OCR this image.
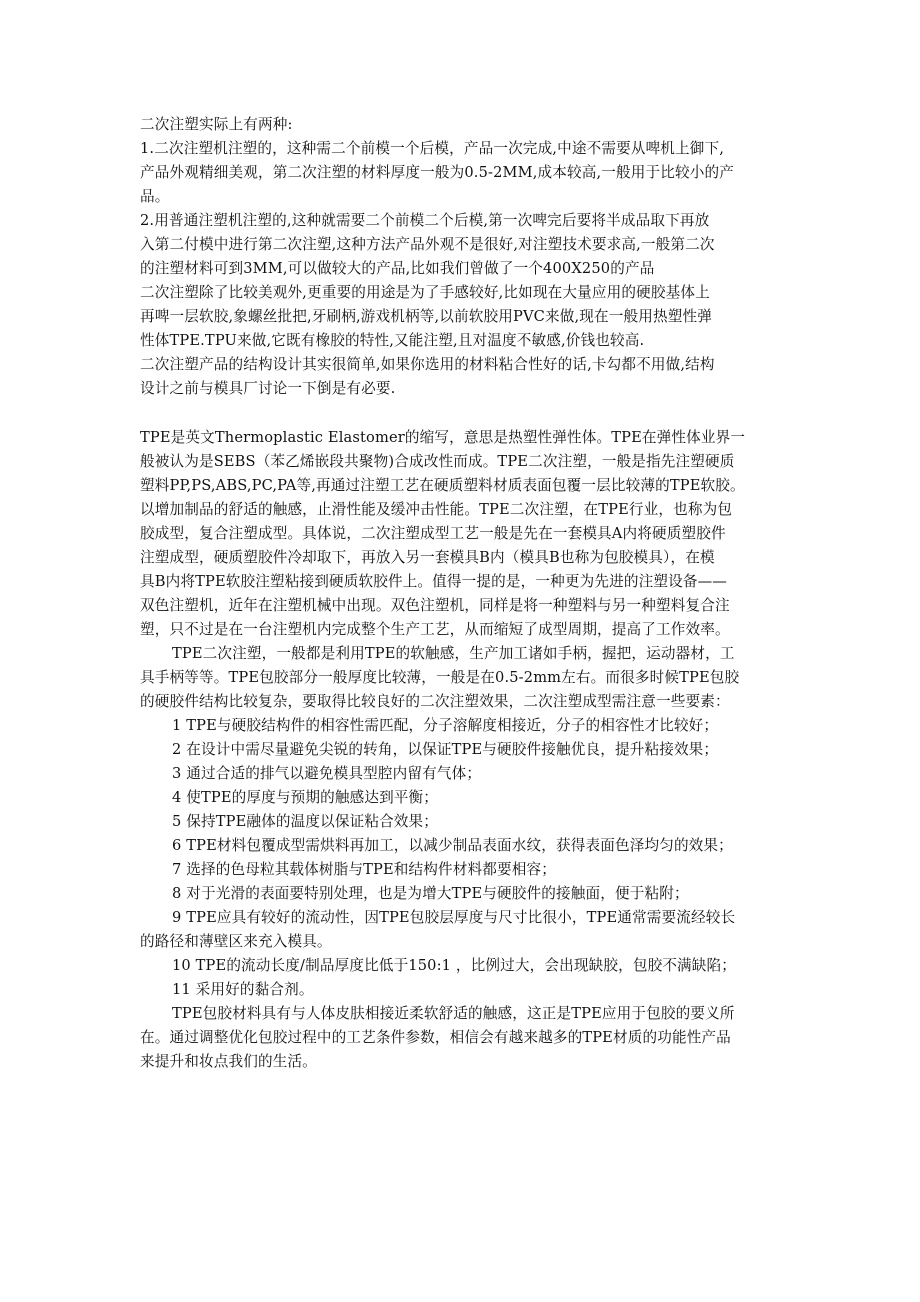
二次注塑实际上有两种:
1.二次注塑机注塑的，这种需二个前模一个后模，产品一次完成,中途不需要从啤机上御下,
产品外观精细美观，第二次注塑的材料厚度一般为0.5-2MM,成本较高,一般用于比较小的产
品。
2.用普通注塑机注塑的,这种就需要二个前模二个后模,第一次啤完后要将半成品取下再放
入第二付模中进行第二次注塑,这种方法产品外观不是很好,对注塑技术要求高,一般第二次
的注塑材料可到3MM,可以做较大的产品,比如我们曾做了一个400X250的产品
二次注塑除了比较美观外,更重要的用途是为了手感较好,比如现在大量应用的硬胶基体上
再啤一层软胶,象螺丝批把,牙刷柄,游戏机柄等,以前软胶用PVC来做,现在一般用热塑性弹
性体TPE.TPU来做,它既有橡胶的特性,又能注塑,且对温度不敏感,价钱也较高.
二次注塑产品的结构设计其实很简单,如果你选用的材料粘合性好的话,卡勾都不用做,结构
设计之前与模具厂讨论一下倒是有必要.
TPE是英文Thermoplastic Elastomer的缩写，意思是热塑性弹性体。TPE在弹性体业界一
般被认为是SEBS（苯乙烯嵌段共聚物)合成改性而成。TPE二次注塑，一般是指先注塑硬质
塑料PP,PS,ABS,PC,PA等,再通过注塑工艺在硬质塑料材质表面包覆一层比较薄的TPE软胶。
以增加制品的舒适的触感，止滑性能及缓冲击性能。TPE二次注塑，在TPE行业，也称为包
胶成型，复合注塑成型。具体说，二次注塑成型工艺一般是先在一套模具A内将硬质塑胶件
注塑成型，硬质塑胶件冷却取下，再放入另一套模具B内（模具B也称为包胶模具），在模
具B内将TPE软胶注塑粘接到硬质软胶件上。值得一提的是，一种更为先进的注塑设备——
双色注塑机，近年在注塑机械中出现。双色注塑机，同样是将一种塑料与另一种塑料复合注
塑，只不过是在一台注塑机内完成整个生产工艺，从而缩短了成型周期，提高了工作效率。
TPE二次注塑，一般都是利用TPE的软触感，生产加工诸如手柄，握把，运动器材，工
具手柄等等。TPE包胶部分一般厚度比较薄，一般是在0.5-2mm左右。而很多时候TPE包胶
的硬胶件结构比较复杂，要取得比较良好的二次注塑效果，二次注塑成型需注意一些要素：
1 TPE与硬胶结构件的相容性需匹配，分子溶解度相接近，分子的相容性才比较好；
2 在设计中需尽量避免尖锐的转角，以保证TPE与硬胶件接触优良，提升粘接效果；
3 通过合适的排气以避免模具型腔内留有气体；
4 使TPE的厚度与预期的触感达到平衡；
5 保持TPE融体的温度以保证粘合效果；
6 TPE材料包覆成型需烘料再加工，以减少制品表面水纹，获得表面色泽均匀的效果；
7 选择的色母粒其载体树脂与TPE和结构件材料都要相容；
8 对于光滑的表面要特别处理，也是为增大TPE与硬胶件的接触面，便于粘附；
9 TPE应具有较好的流动性，因TPE包胶层厚度与尺寸比很小，TPE通常需要流经较长
的路径和薄壁区来充入模具。
10 TPE的流动长度/制品厚度比低于150:1 ，比例过大，会出现缺胶，包胶不满缺陷；
11 采用好的黏合剂。
TPE包胶材料具有与人体皮肤相接近柔软舒适的触感，这正是TPE应用于包胶的要义所
在。通过调整优化包胶过程中的工艺条件参数，相信会有越来越多的TPE材质的功能性产品
来提升和妆点我们的生活。
